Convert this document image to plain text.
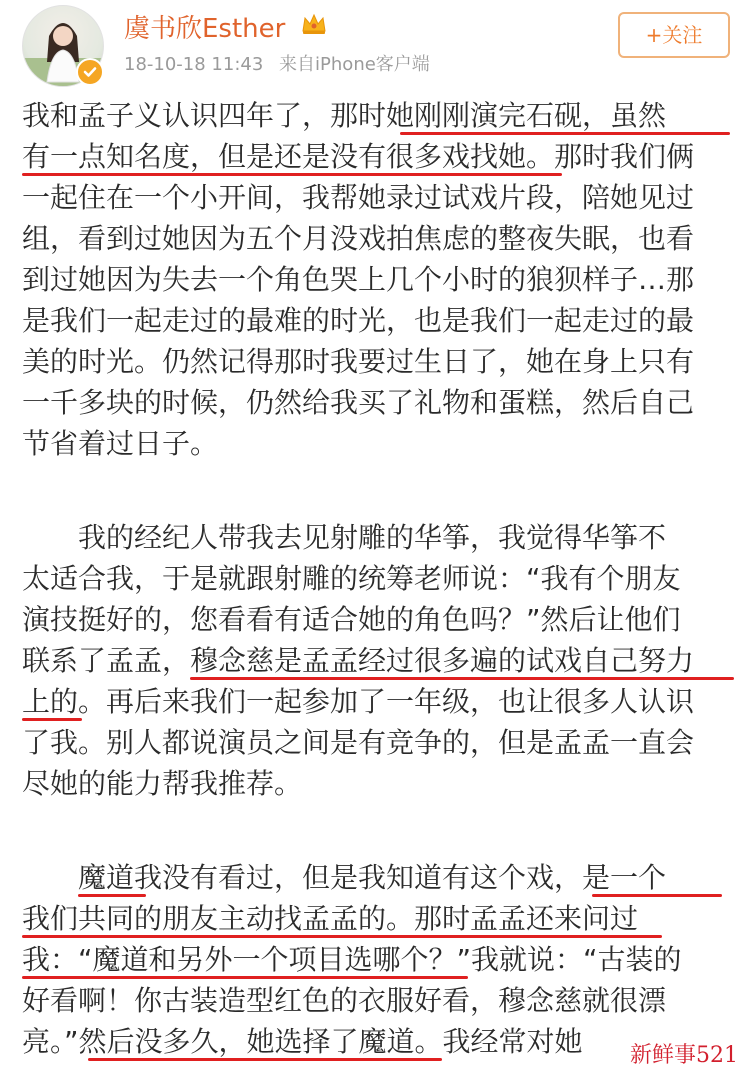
虞书欣Esther
18-10-18 11:43 来自iPhone客户端
+关注
我和孟子义认识四年了，那时她刚刚演完石砚，虽然
有一点知名度，但是还是没有很多戏找她。那时我们俩
一起住在一个小开间，我帮她录过试戏片段，陪她见过
组，看到过她因为五个月没戏拍焦虑的整夜失眠，也看
到过她因为失去一个角色哭上几个小时的狼狈样子…那
是我们一起走过的最难的时光，也是我们一起走过的最
美的时光。仍然记得那时我要过生日了，她在身上只有
一千多块的时候，仍然给我买了礼物和蛋糕，然后自己
节省着过日子。
　　我的经纪人带我去见射雕的华筝，我觉得华筝不
太适合我，于是就跟射雕的统筹老师说：“我有个朋友
演技挺好的，您看看有适合她的角色吗？”然后让他们
联系了孟孟，穆念慈是孟孟经过很多遍的试戏自己努力
上的。再后来我们一起参加了一年级，也让很多人认识
了我。别人都说演员之间是有竞争的，但是孟孟一直会
尽她的能力帮我推荐。
　　魔道我没有看过，但是我知道有这个戏，是一个
我们共同的朋友主动找孟孟的。那时孟孟还来问过
我：“魔道和另外一个项目选哪个？”我就说：“古装的
好看啊！你古装造型红色的衣服好看，穆念慈就很漂
亮。”然后没多久，她选择了魔道。我经常对她 新鲜事521
